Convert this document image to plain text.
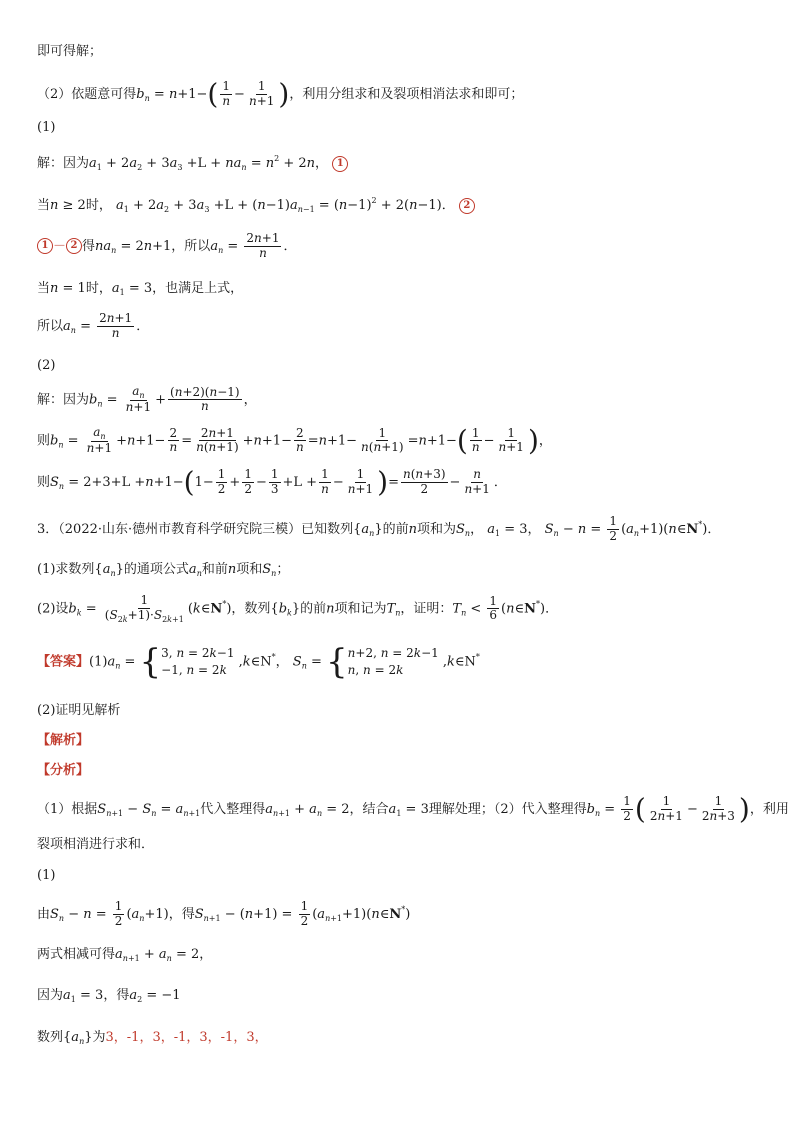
即可得解；
（2）依题意可得$b_n = n+1-( \frac{1}{n} - \frac{1}{n+1}$ )，利用分组求和及裂项相消法求和即可；
(1)
解：因为$a_1 + 2a_2 + 3a_3 +L + na_n = n^2 + 2n$， 1
当n ≥ 2时， $a_1 + 2a_2 + 3a_3 +L + (n-1)a_{n-1} = (n-1)^2 + 2(n-1)$． 2
1 － 2 得$na_n = 2n+1$，所以$a_n = \frac{2n+1}{n}$ ．
当n = 1时，$a_1 = 3$，也满足上式，
所以$a_n = \frac{2n+1}{n}$ ．
(2)
解：因为$b_n = \frac{a_n}{n+1} + \frac{(n+2)(n-1)}{n}$ ，
则$b_n = \frac{a_n}{n+1} +n+1- \frac{2}{n} = \frac{2n+1}{n(n+1)} +n+1- \frac{2}{n} =n+1- \frac{1}{n(n+1)} =n+1-( \frac{1}{n} - \frac{1}{n+1}$ )，
则$S_n = 2+3+L +n+1-(1- \frac{1}{2} + \frac{1}{2} - \frac{1}{3} +L + \frac{1}{n} - \frac{1}{n+1}$ )= $\frac{n(n+3)}{2} - \frac{n}{n+1}$ ．
3．（2022·山东·德州市教育科学研究院三模）已知数列$\{a_n\}$的前n项和为$S_n$， $a_1 = 3$， $S_n - n = \frac{1}{2}$ $(a_n+1)(n\in N^*)$．
(1)求数列$\{a_n\}$的通项公式$a_n$和前n项和$S_n$；
(2)设$b_k = \frac{1}{(S_{2k}+1)\cdot S_{2k+1}}$ (k∈N*)，数列$\{b_k\}$的前n项和记为$T_n$，证明：$T_n < \frac{1}{6}$ (n∈N*)．
【答案】$(1)a_n$ = { 3, n = 2k−1
−1, n = 2k
,k∈N*， $S_n$ = { n+2, n = 2k−1
n, n = 2k
,k∈N*
(2)证明见解析
【解析】
【分析】
（1）根据$S_{n+1} - S_n = a_{n+1}$代入整理得$a_{n+1} + a_n = 2$，结合$a_1 = 3$理解处理；（2）代入整理得$b_n = \frac{1}{2}$ ( $\frac{1}{2n+1} - \frac{1}{2n+3}$ )，利用
裂项相消进行求和．
(1)
由$S_n - n = \frac{1}{2} (a_n+1)$，得$S_{n+1} - (n+1) = \frac{1}{2}$ $(a_{n+1}+1)(n\in N^*)$
两式相减可得$a_{n+1} + a_n = 2$，
因为$a_1 = 3$，得$a_2 = -1$
数列$\{a_n\}$为3，-1，3，-1，3，-1，3，
